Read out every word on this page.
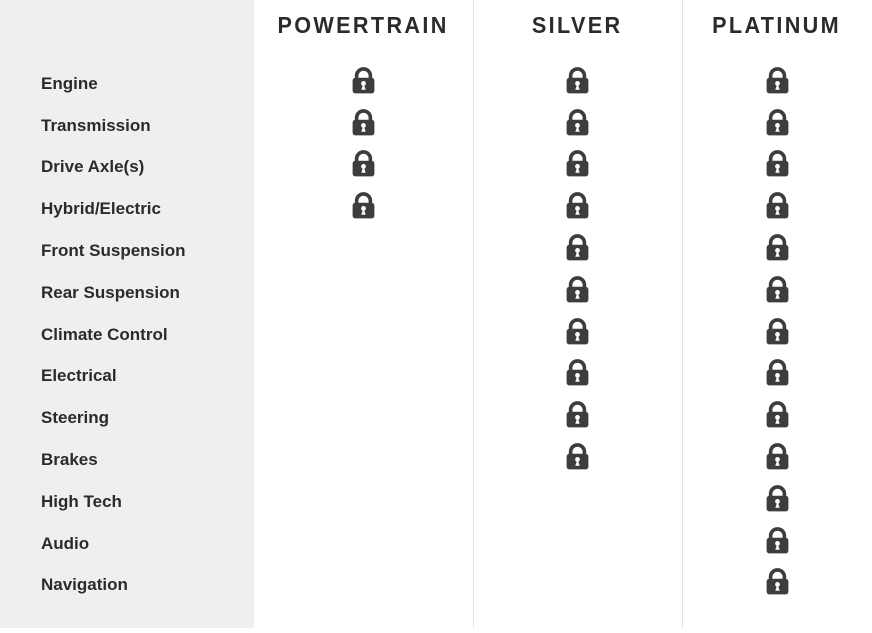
POWERTRAIN	SILVER	PLATINUM
Engine
Transmission
Drive Axle(s)
Hybrid/Electric
Front Suspension
Rear Suspension
Climate Control
Electrical
Steering
Brakes
High Tech
Audio
Navigation
